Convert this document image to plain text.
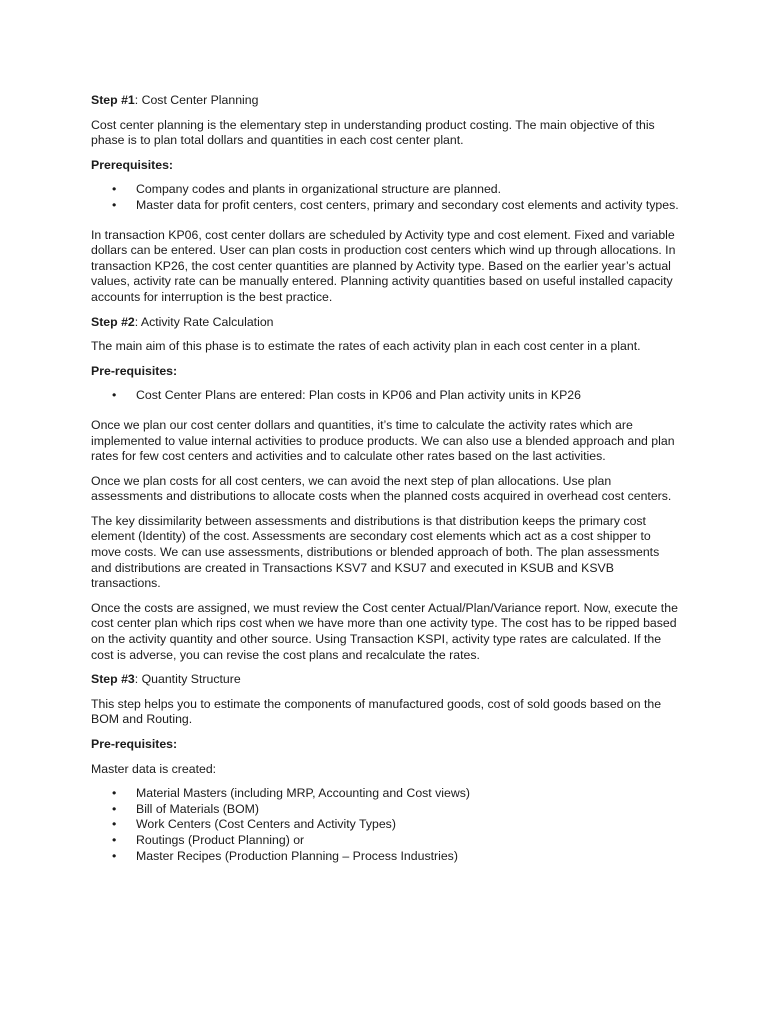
Step #1: Cost Center Planning

Cost center planning is the elementary step in understanding product costing. The main objective of this phase is to plan total dollars and quantities in each cost center plant.

Prerequisites:

• Company codes and plants in organizational structure are planned.
• Master data for profit centers, cost centers, primary and secondary cost elements and activity types.

In transaction KP06, cost center dollars are scheduled by Activity type and cost element. Fixed and variable dollars can be entered. User can plan costs in production cost centers which wind up through allocations. In transaction KP26, the cost center quantities are planned by Activity type. Based on the earlier year’s actual values, activity rate can be manually entered. Planning activity quantities based on useful installed capacity accounts for interruption is the best practice.

Step #2: Activity Rate Calculation

The main aim of this phase is to estimate the rates of each activity plan in each cost center in a plant.

Pre-requisites:

• Cost Center Plans are entered: Plan costs in KP06 and Plan activity units in KP26

Once we plan our cost center dollars and quantities, it’s time to calculate the activity rates which are implemented to value internal activities to produce products. We can also use a blended approach and plan rates for few cost centers and activities and to calculate other rates based on the last activities.

Once we plan costs for all cost centers, we can avoid the next step of plan allocations. Use plan assessments and distributions to allocate costs when the planned costs acquired in overhead cost centers.

The key dissimilarity between assessments and distributions is that distribution keeps the primary cost element (Identity) of the cost. Assessments are secondary cost elements which act as a cost shipper to move costs. We can use assessments, distributions or blended approach of both. The plan assessments and distributions are created in Transactions KSV7 and KSU7 and executed in KSUB and KSVB transactions.

Once the costs are assigned, we must review the Cost center Actual/Plan/Variance report. Now, execute the cost center plan which rips cost when we have more than one activity type. The cost has to be ripped based on the activity quantity and other source. Using Transaction KSPI, activity type rates are calculated. If the cost is adverse, you can revise the cost plans and recalculate the rates.

Step #3: Quantity Structure

This step helps you to estimate the components of manufactured goods, cost of sold goods based on the BOM and Routing.

Pre-requisites:

Master data is created:

• Material Masters (including MRP, Accounting and Cost views)
• Bill of Materials (BOM)
• Work Centers (Cost Centers and Activity Types)
• Routings (Product Planning) or
• Master Recipes (Production Planning – Process Industries)
